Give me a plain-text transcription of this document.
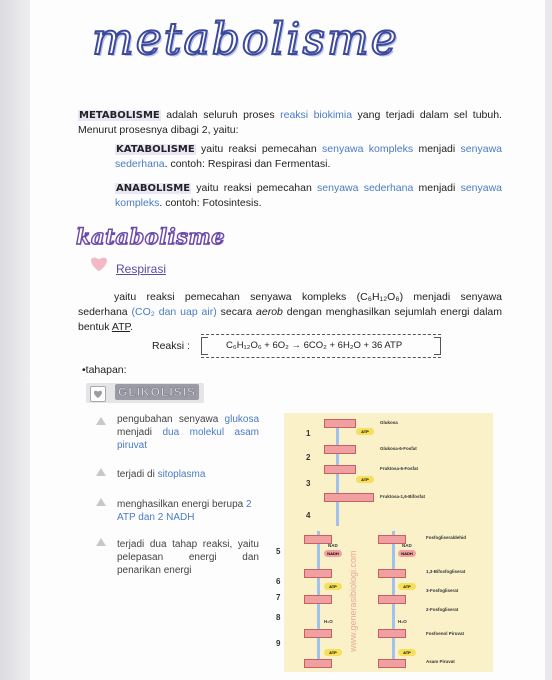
metabolisme
METABOLISME adalah seluruh proses reaksi biokimia yang terjadi dalam sel tubuh. Menurut prosesnya dibagi 2, yaitu:
KATABOLISME yaitu reaksi pemecahan senyawa kompleks menjadi senyawa sederhana. contoh: Respirasi dan Fermentasi.
ANABOLISME yaitu reaksi pemecahan senyawa sederhana menjadi senyawa kompleks. contoh: Fotosintesis.
katabolisme
Respirasi
yaitu reaksi pemecahan senyawa kompleks (C₆H₁₂O₆) menjadi senyawa sederhana (CO₂ dan uap air) secara aerob dengan menghasilkan sejumlah energi dalam bentuk ATP.
Reaksi :	C₆H₁₂O₆ + 6O₂ → 6CO₂ + 6H₂O + 36 ATP
•tahapan:
GLIKOLISIS
pengubahan senyawa glukosa menjadi dua molekul asam piruvat
terjadi di sitoplasma
menghasilkan energi berupa 2 ATP dan 2 NADH
terjadi dua tahap reaksi, yaitu pelepasan energi dan penarikan energi
1
2
3
4
5
6
7
8
9
Glukosa
ATP
Glukosa-6-Fosfat
Fruktosa-6-Fosfat
ATP
Fruktosa-1,6-Bifosfat
Fosfogliseraldehid
NAD	NAD
NADH	NADH
1,3-Bifosfogliserat
ATP	ATP
3-Fosfogliserat
2-Fosfogliserat
H₂O	H₂O
Fosfoenol Piruvat
ATP	ATP
Asam Piruvat
www.generasibiologi.com
